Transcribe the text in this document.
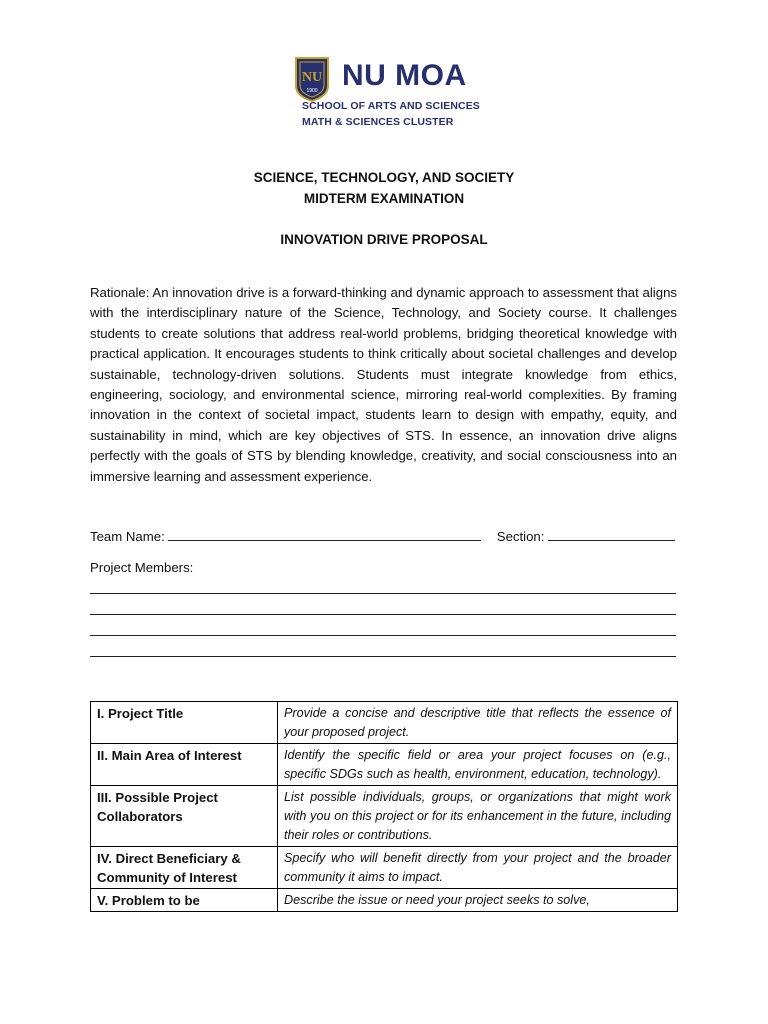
NU
1900 NU MOA
SCHOOL OF ARTS AND SCIENCES
MATH & SCIENCES CLUSTER
SCIENCE, TECHNOLOGY, AND SOCIETY
MIDTERM EXAMINATION
INNOVATION DRIVE PROPOSAL

Rationale: An innovation drive is a forward-thinking and dynamic approach to assessment that aligns with the interdisciplinary nature of the Science, Technology, and Society course. It challenges students to create solutions that address real-world problems, bridging theoretical knowledge with practical application. It encourages students to think critically about societal challenges and develop sustainable, technology-driven solutions. Students must integrate knowledge from ethics, engineering, sociology, and environmental science, mirroring real-world complexities. By framing innovation in the context of societal impact, students learn to design with empathy, equity, and sustainability in mind, which are key objectives of STS. In essence, an innovation drive aligns perfectly with the goals of STS by blending knowledge, creativity, and social consciousness into an immersive learning and assessment experience.

Team Name:	Section:
Project Members:
I. Project Title	Provide a concise and descriptive title that reflects the essence of your proposed project.
II. Main Area of Interest	Identify the specific field or area your project focuses on (e.g., specific SDGs such as health, environment, education, technology).
III. Possible Project Collaborators	List possible individuals, groups, or organizations that might work with you on this project or for its enhancement in the future, including their roles or contributions.
IV. Direct Beneficiary & Community of Interest	Specify who will benefit directly from your project and the broader community it aims to impact.
V. Problem to be	Describe the issue or need your project seeks to solve,
